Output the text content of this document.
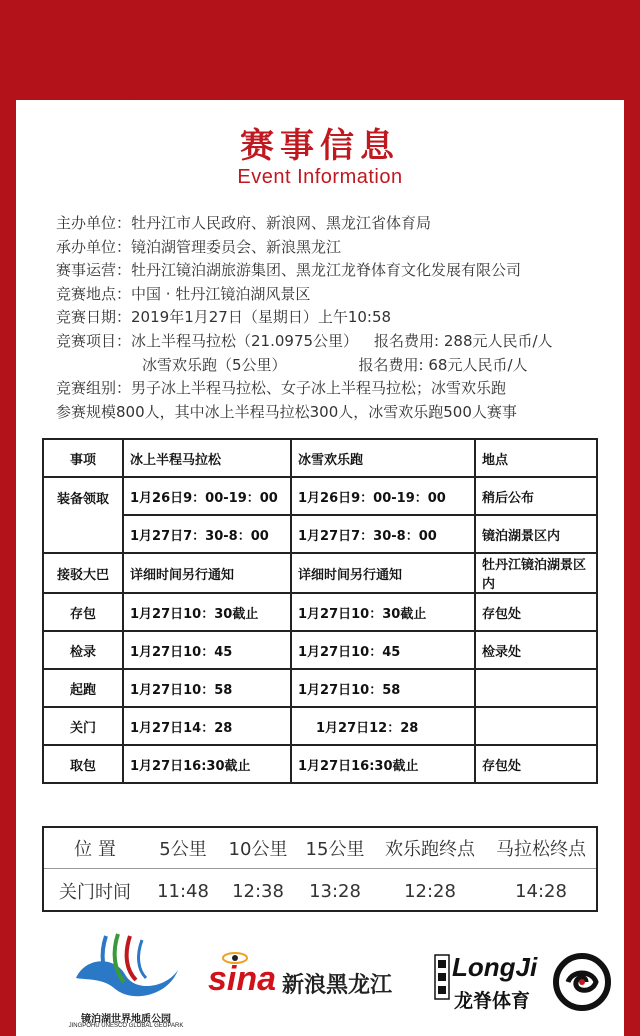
赛事信息
Event Information
主办单位：牡丹江市人民政府、新浪网、黑龙江省体育局
承办单位：镜泊湖管理委员会、新浪黑龙江
赛事运营：牡丹江镜泊湖旅游集团、黑龙江龙脊体育文化发展有限公司
竞赛地点：中国 · 牡丹江镜泊湖风景区
竞赛日期：2019年1月27日（星期日）上午10:58
竞赛项目：冰上半程马拉松（21.0975公里） 报名费用: 288元人民币/人
冰雪欢乐跑（5公里）	报名费用: 68元人民币/人
竞赛组别：男子冰上半程马拉松、女子冰上半程马拉松；冰雪欢乐跑
参赛规模800人，其中冰上半程马拉松300人，冰雪欢乐跑500人赛事
事项	冰上半程马拉松	冰雪欢乐跑	地点
装备领取	1月26日9：00-19：00	1月26日9：00-19：00	稍后公布
	1月27日7：30-8：00	1月27日7：30-8：00	镜泊湖景区内
接驳大巴	详细时间另行通知	详细时间另行通知	牡丹江镜泊湖景区内
存包	1月27日10：30截止	1月27日10：30截止	存包处
检录	1月27日10：45	1月27日10：45	检录处
起跑	1月27日10：58	1月27日10：58	
关门	1月27日14：28	1月27日12：28	
取包	1月27日16:30截止	1月27日16:30截止	存包处
位 置	5公里	10公里	15公里	欢乐跑终点	马拉松终点
关门时间	11:48	12:38	13:28	12:28	14:28
镜泊湖世界地质公园
JINGPOHU UNESCO GLOBAL GEOPARK
sina 新浪黑龙江
LongJi
龙脊体育
